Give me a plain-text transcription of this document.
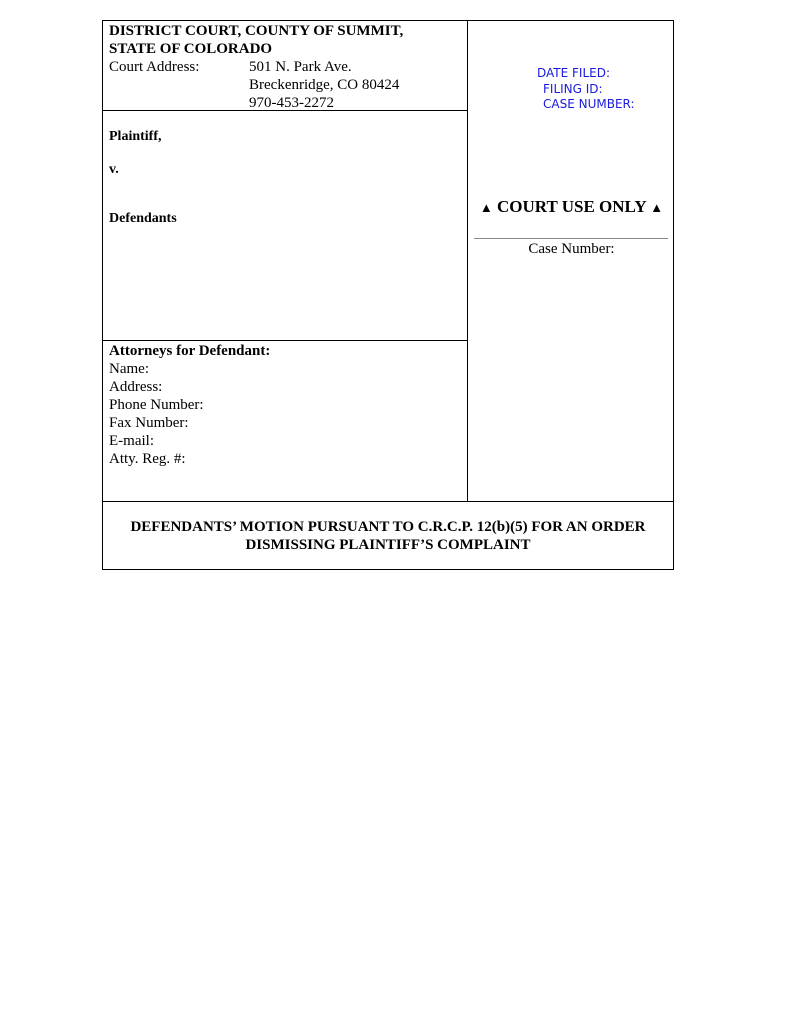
DISTRICT COURT, COUNTY OF SUMMIT,
STATE OF COLORADO
Court Address:	501 N. Park Ave.
Breckenridge, CO 80424
970-453-2272
DATE FILED:
FILING ID:
CASE NUMBER:
Plaintiff,
v.
Defendants
▲ COURT USE ONLY ▲
Case Number:
Attorneys for Defendant:
Name:
Address:
Phone Number:
Fax Number:
E-mail:
Atty. Reg. #:
DEFENDANTS’ MOTION PURSUANT TO C.R.C.P. 12(b)(5) FOR AN ORDER
DISMISSING PLAINTIFF’S COMPLAINT
